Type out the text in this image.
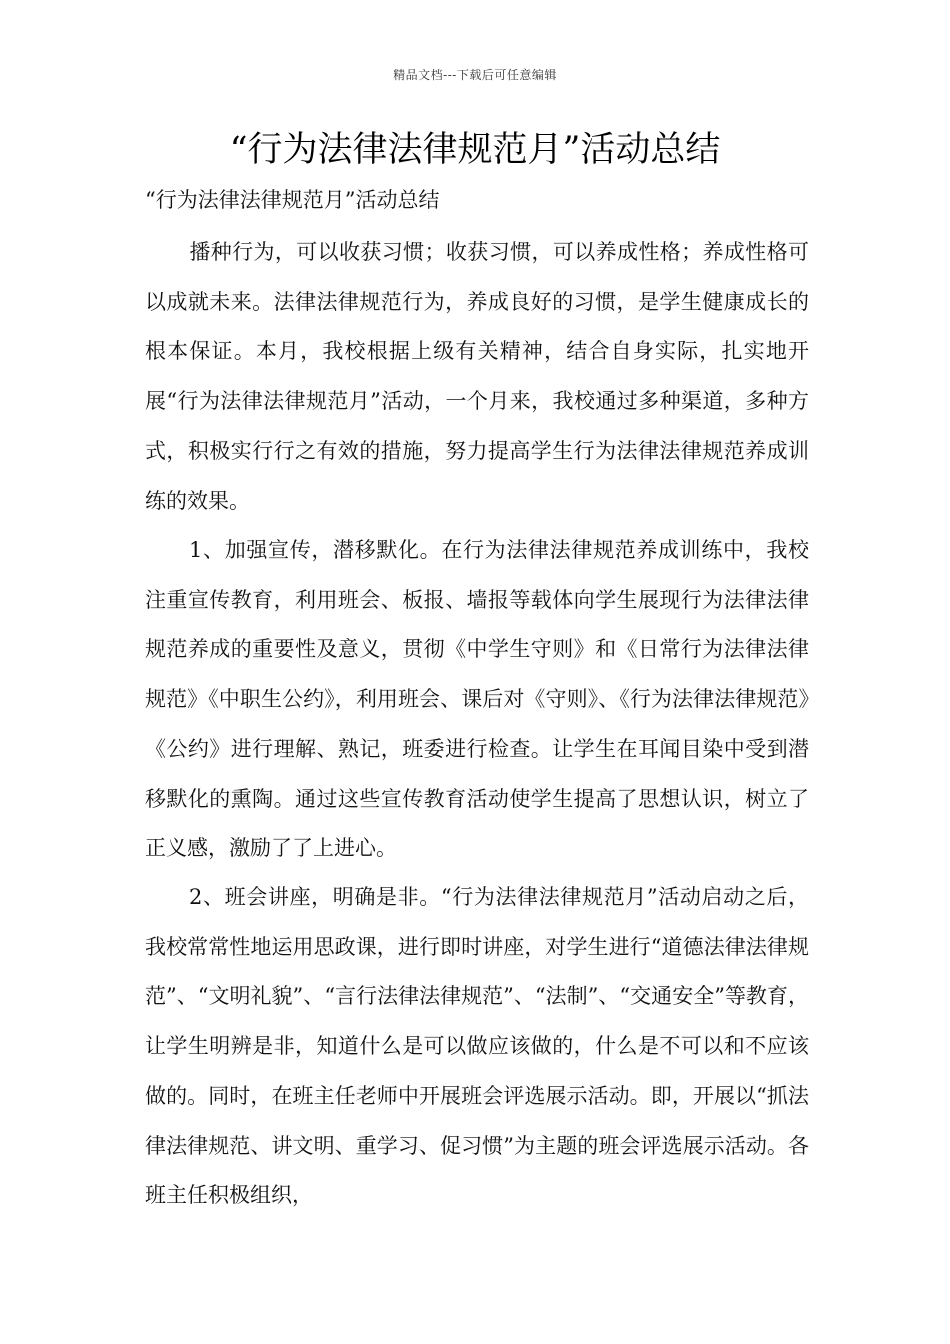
精品文档---下载后可任意编辑
“行为法律法律规范月”活动总结
“行为法律法律规范月”活动总结

播种行为，可以收获习惯；收获习惯，可以养成性格；养成性格可以成就未来。法律法律规范行为，养成良好的习惯，是学生健康成长的根本保证。本月，我校根据上级有关精神，结合自身实际，扎实地开展“行为法律法律规范月”活动，一个月来，我校通过多种渠道，多种方式，积极实行行之有效的措施，努力提高学生行为法律法律规范养成训练的效果。

1、加强宣传，潜移默化。在行为法律法律规范养成训练中，我校注重宣传教育，利用班会、板报、墙报等载体向学生展现行为法律法律规范养成的重要性及意义，贯彻《中学生守则》和《日常行为法律法律规范》《中职生公约》，利用班会、课后对《守则》、《行为法律法律规范》《公约》进行理解、熟记，班委进行检查。让学生在耳闻目染中受到潜移默化的熏陶。通过这些宣传教育活动使学生提高了思想认识，树立了正义感，激励了了上进心。

2、班会讲座，明确是非。“行为法律法律规范月”活动启动之后，我校常常性地运用思政课，进行即时讲座，对学生进行“道德法律法律规范”、“文明礼貌”、“言行法律法律规范”、“法制”、“交通安全”等教育，让学生明辨是非，知道什么是可以做应该做的，什么是不可以和不应该做的。同时，在班主任老师中开展班会评选展示活动。即，开展以“抓法律法律规范、讲文明、重学习、促习惯”为主题的班会评选展示活动。各班主任积极组织，
